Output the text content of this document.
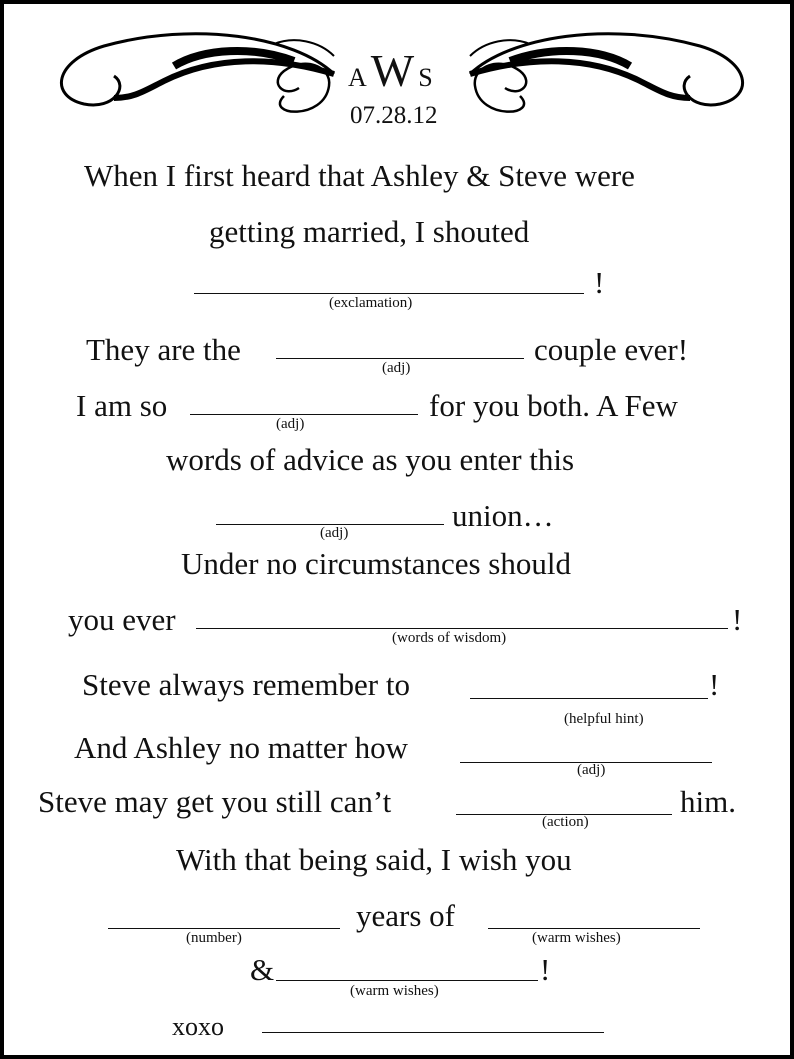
A W S
07.28.12
When I first heard that Ashley & Steve were
getting married, I shouted
!
(exclamation)
They are the	couple ever!
(adj)
I am so	for you both. A Few
(adj)
words of advice as you enter this
union…
(adj)
Under no circumstances should
you ever	!
(words of wisdom)
Steve always remember to	!
(helpful hint)
And Ashley no matter how
(adj)
Steve may get you still can’t	him.
(action)
With that being said, I wish you
(number)
years of
(warm wishes)
&	!
(warm wishes)
xoxo
